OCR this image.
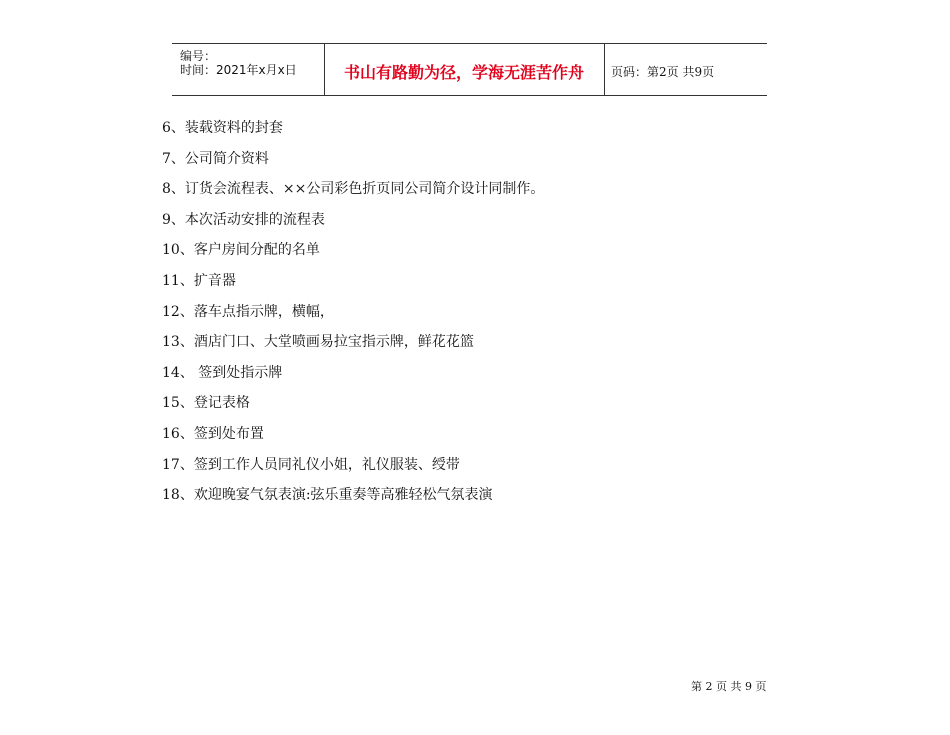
编号：
时间：2021年x月x日	书山有路勤为径，学海无涯苦作舟	页码：第2页 共9页
6、装载资料的封套
7、公司简介资料
8、订货会流程表、××公司彩色折页同公司简介设计同制作。
9、本次活动安排的流程表
10、客户房间分配的名单
11、扩音器
12、落车点指示牌，横幅，
13、酒店门口、大堂喷画易拉宝指示牌，鲜花花篮
14、 签到处指示牌
15、登记表格
16、签到处布置
17、签到工作人员同礼仪小姐，礼仪服装、绶带
18、欢迎晚宴气氛表演:弦乐重奏等高雅轻松气氛表演
第 2 页 共 9 页
